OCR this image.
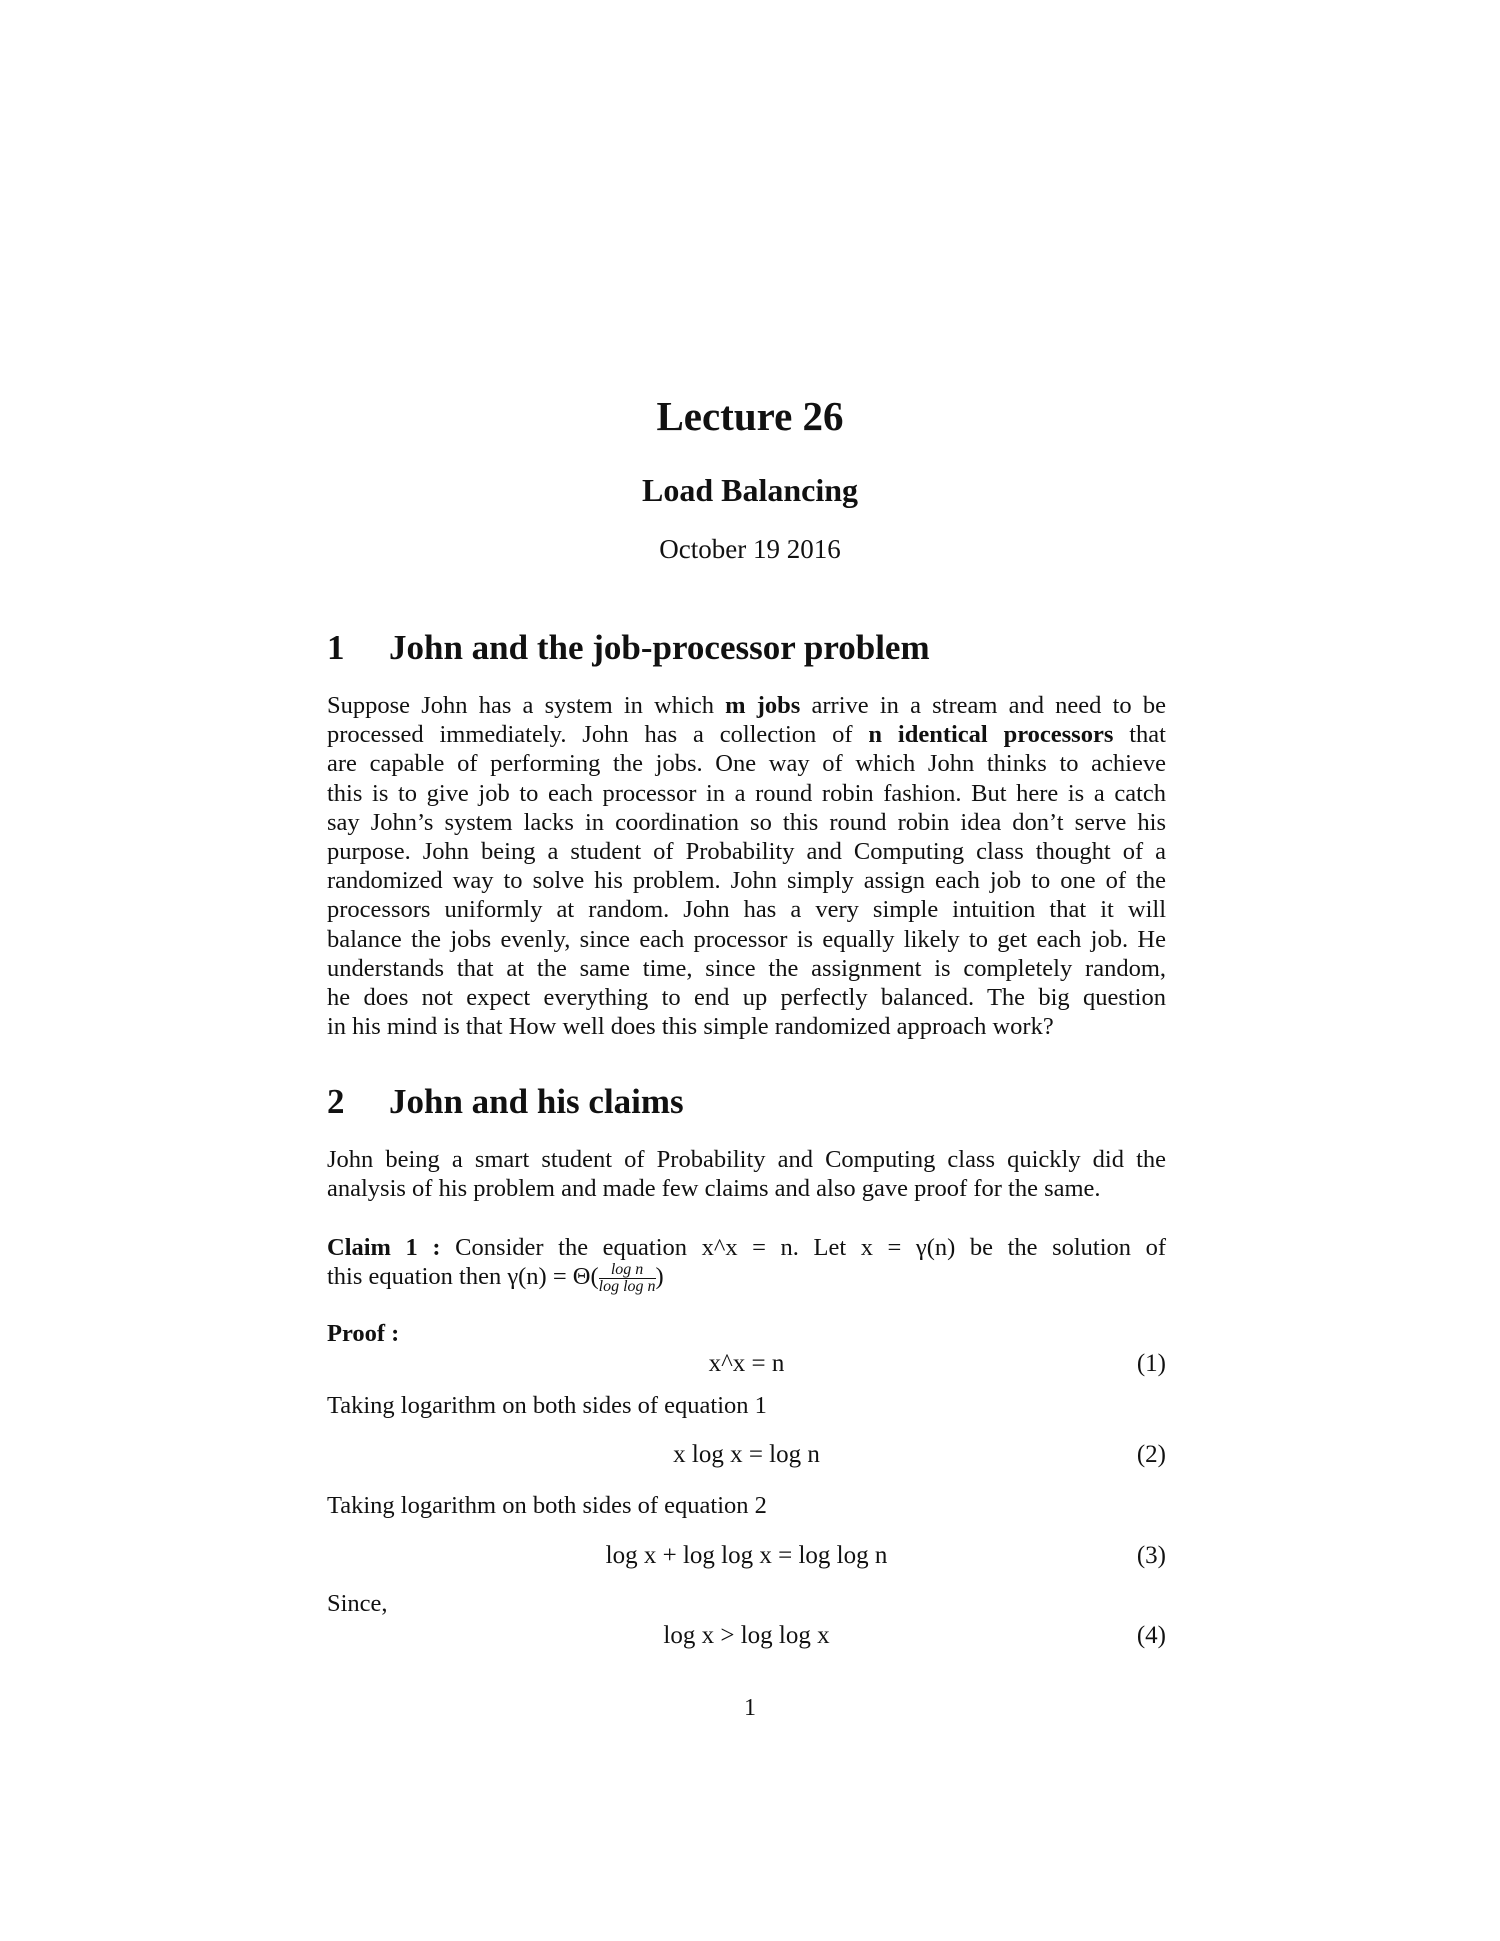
Lecture 26
Load Balancing
October 19 2016
1 John and the job-processor problem
Suppose John has a system in which m jobs arrive in a stream and need to be
processed immediately. John has a collection of n identical processors that
are capable of performing the jobs. One way of which John thinks to achieve
this is to give job to each processor in a round robin fashion. But here is a catch
say John’s system lacks in coordination so this round robin idea don’t serve his
purpose. John being a student of Probability and Computing class thought of a
randomized way to solve his problem. John simply assign each job to one of the
processors uniformly at random. John has a very simple intuition that it will
balance the jobs evenly, since each processor is equally likely to get each job. He
understands that at the same time, since the assignment is completely random,
he does not expect everything to end up perfectly balanced. The big question
in his mind is that How well does this simple randomized approach work?
2 John and his claims
John being a smart student of Probability and Computing class quickly did the
analysis of his problem and made few claims and also gave proof for the same.
Claim 1 : Consider the equation x^x = n. Let x = γ(n) be the solution of
this equation then $\gamma(n) = \Theta( \frac{\text{log n}}{\text{log log n}}$ )
Proof :
x^x = n	(1)
Taking logarithm on both sides of equation 1
x log x = log n	(2)
Taking logarithm on both sides of equation 2
log x + log log x = log log n	(3)
Since,
log x > log log x	(4)
1
